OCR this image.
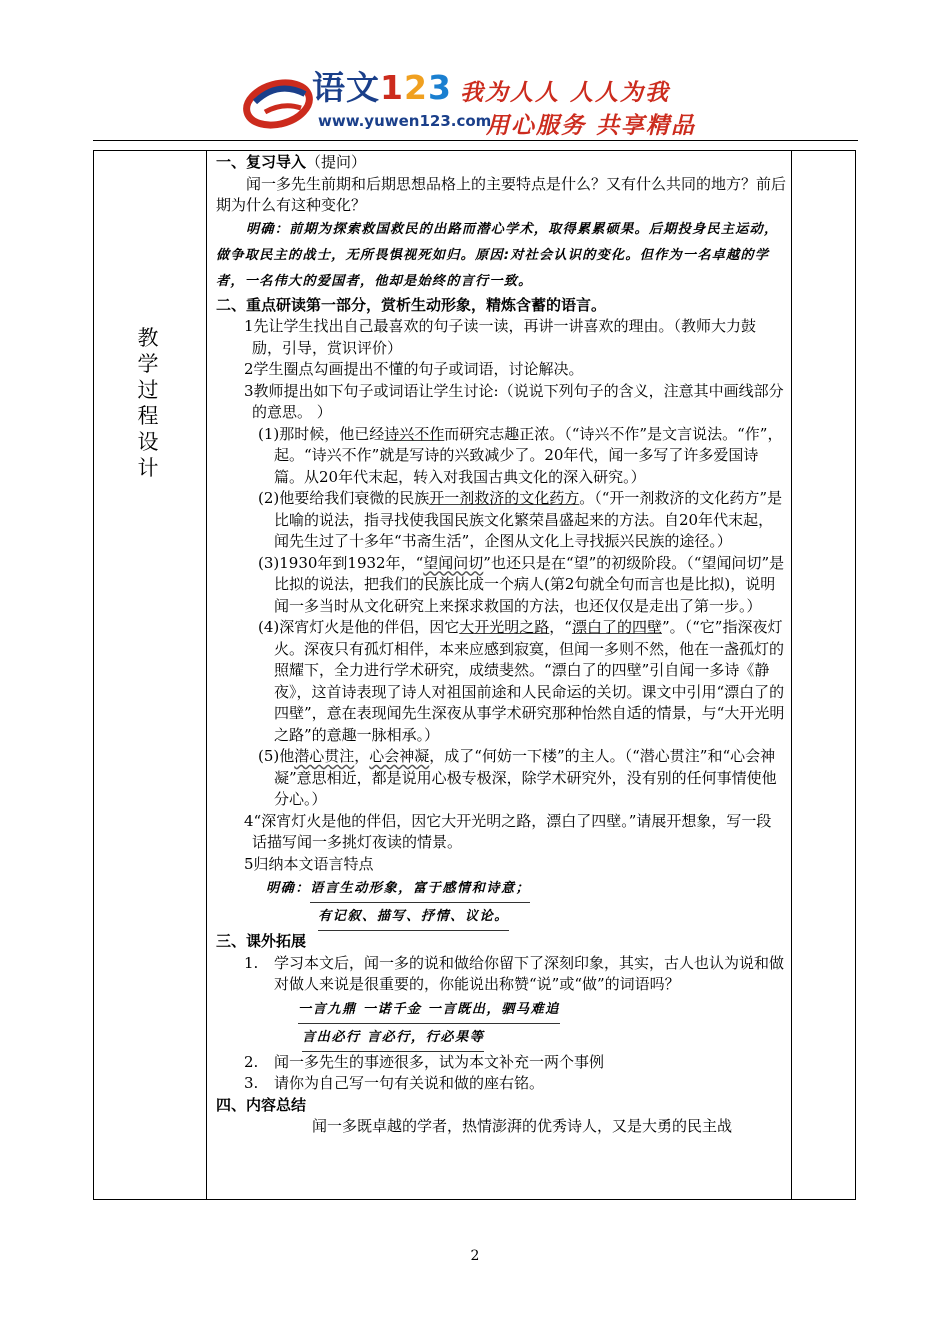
语文123
www.yuwen123.com
我为人人 人人为我
用心服务 共享精品
教
学
过
程
设
计

一、复习导入（提问）

闻一多先生前期和后期思想品格上的主要特点是什么？又有什么共同的地方？前后期为什么有这种变化？

明确：前期为探索救国救民的出路而潜心学术，取得累累硕果。后期投身民主运动，做争取民主的战士，无所畏惧视死如归。原因:对社会认识的变化。但作为一名卓越的学者，一名伟大的爱国者，他却是始终的言行一致。

二、重点研读第一部分，赏析生动形象，精炼含蓄的语言。

1先让学生找出自己最喜欢的句子读一读，再讲一讲喜欢的理由。（教师大力鼓励，引导，赏识评价）

2学生圈点勾画提出不懂的句子或词语，讨论解决。

3教师提出如下句子或词语让学生讨论:（说说下列句子的含义，注意其中画线部分的意思。 ）

(1)那时候，他已经诗兴不作而研究志趣正浓。（“诗兴不作”是文言说法。“作”，起。“诗兴不作”就是写诗的兴致减少了。20年代，闻一多写了许多爱国诗篇。从20年代末起，转入对我国古典文化的深入研究。）

(2)他要给我们衰微的民族开一剂救济的文化药方。（“开一剂救济的文化药方”是比喻的说法，指寻找使我国民族文化繁荣昌盛起来的方法。自20年代末起，闻先生过了十多年“书斋生活”，企图从文化上寻找振兴民族的途径。）

(3)1930年到1932年，“望闻问切”也还只是在“望”的初级阶段。（“望闻问切”是比拟的说法，把我们的民族比成一个病人(第2句就全句而言也是比拟)，说明闻一多当时从文化研究上来探求救国的方法，也还仅仅是走出了第一步。）

(4)深宵灯火是他的伴侣，因它大开光明之路，“漂白了的四壁”。（“它”指深夜灯火。深夜只有孤灯相伴，本来应感到寂寞，但闻一多则不然，他在一盏孤灯的照耀下，全力进行学术研究，成绩斐然。“漂白了的四壁”引自闻一多诗《静夜》，这首诗表现了诗人对祖国前途和人民命运的关切。课文中引用“漂白了的四壁”，意在表现闻先生深夜从事学术研究那种怡然自适的情景，与“大开光明之路”的意趣一脉相承。）

(5)他潜心贯注，心会神凝，成了“何妨一下楼”的主人。（“潜心贯注”和“心会神凝”意思相近，都是说用心极专极深，除学术研究外，没有别的任何事情使他分心。）

4“深宵灯火是他的伴侣，因它大开光明之路，漂白了四壁。”请展开想象，写一段话描写闻一多挑灯夜读的情景。

5归纳本文语言特点

明确：语言生动形象，富于感情和诗意；

有记叙、描写、抒情、议论。

三、课外拓展

1. 学习本文后，闻一多的说和做给你留下了深刻印象，其实，古人也认为说和做对做人来说是很重要的，你能说出称赞“说”或“做”的词语吗？

一言九鼎 一诺千金 一言既出，驷马难追

言出必行 言必行，行必果等

2. 闻一多先生的事迹很多，试为本文补充一两个事例

3. 请你为自己写一句有关说和做的座右铭。

四、内容总结

闻一多既卓越的学者，热情澎湃的优秀诗人，又是大勇的民主战

2
